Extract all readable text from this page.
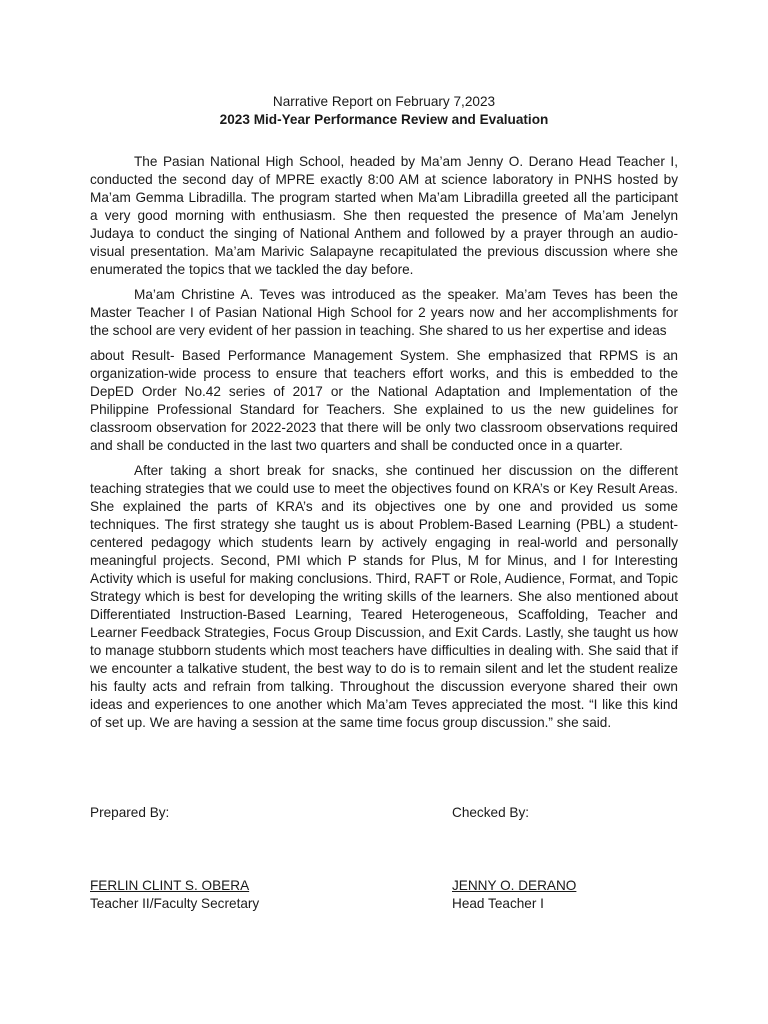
Narrative Report on February 7,2023
2023 Mid-Year Performance Review and Evaluation

The Pasian National High School, headed by Ma’am Jenny O. Derano Head Teacher I, conducted the second day of MPRE exactly 8:00 AM at science laboratory in PNHS hosted by Ma’am Gemma Libradilla. The program started when Ma’am Libradilla greeted all the participant a very good morning with enthusiasm. She then requested the presence of Ma’am Jenelyn Judaya to conduct the singing of National Anthem and followed by a prayer through an audio-visual presentation. Ma’am Marivic Salapayne recapitulated the previous discussion where she enumerated the topics that we tackled the day before.

Ma’am Christine A. Teves was introduced as the speaker. Ma’am Teves has been the Master Teacher I of Pasian National High School for 2 years now and her accomplishments for the school are very evident of her passion in teaching. She shared to us her expertise and ideas

about Result- Based Performance Management System. She emphasized that RPMS is an organization-wide process to ensure that teachers effort works, and this is embedded to the DepED Order No.42 series of 2017 or the National Adaptation and Implementation of the Philippine Professional Standard for Teachers. She explained to us the new guidelines for classroom observation for 2022-2023 that there will be only two classroom observations required and shall be conducted in the last two quarters and shall be conducted once in a quarter.

After taking a short break for snacks, she continued her discussion on the different teaching strategies that we could use to meet the objectives found on KRA’s or Key Result Areas. She explained the parts of KRA’s and its objectives one by one and provided us some techniques. The first strategy she taught us is about Problem-Based Learning (PBL) a student-centered pedagogy which students learn by actively engaging in real-world and personally meaningful projects. Second, PMI which P stands for Plus, M for Minus, and I for Interesting Activity which is useful for making conclusions. Third, RAFT or Role, Audience, Format, and Topic Strategy which is best for developing the writing skills of the learners. She also mentioned about Differentiated Instruction-Based Learning, Teared Heterogeneous, Scaffolding, Teacher and Learner Feedback Strategies, Focus Group Discussion, and Exit Cards. Lastly, she taught us how to manage stubborn students which most teachers have difficulties in dealing with. She said that if we encounter a talkative student, the best way to do is to remain silent and let the student realize his faulty acts and refrain from talking. Throughout the discussion everyone shared their own ideas and experiences to one another which Ma’am Teves appreciated the most. “I like this kind of set up. We are having a session at the same time focus group discussion.” she said.

Prepared By:	Checked By:
FERLIN CLINT S. OBERA
Teacher II/Faculty Secretary
JENNY O. DERANO
Head Teacher I
